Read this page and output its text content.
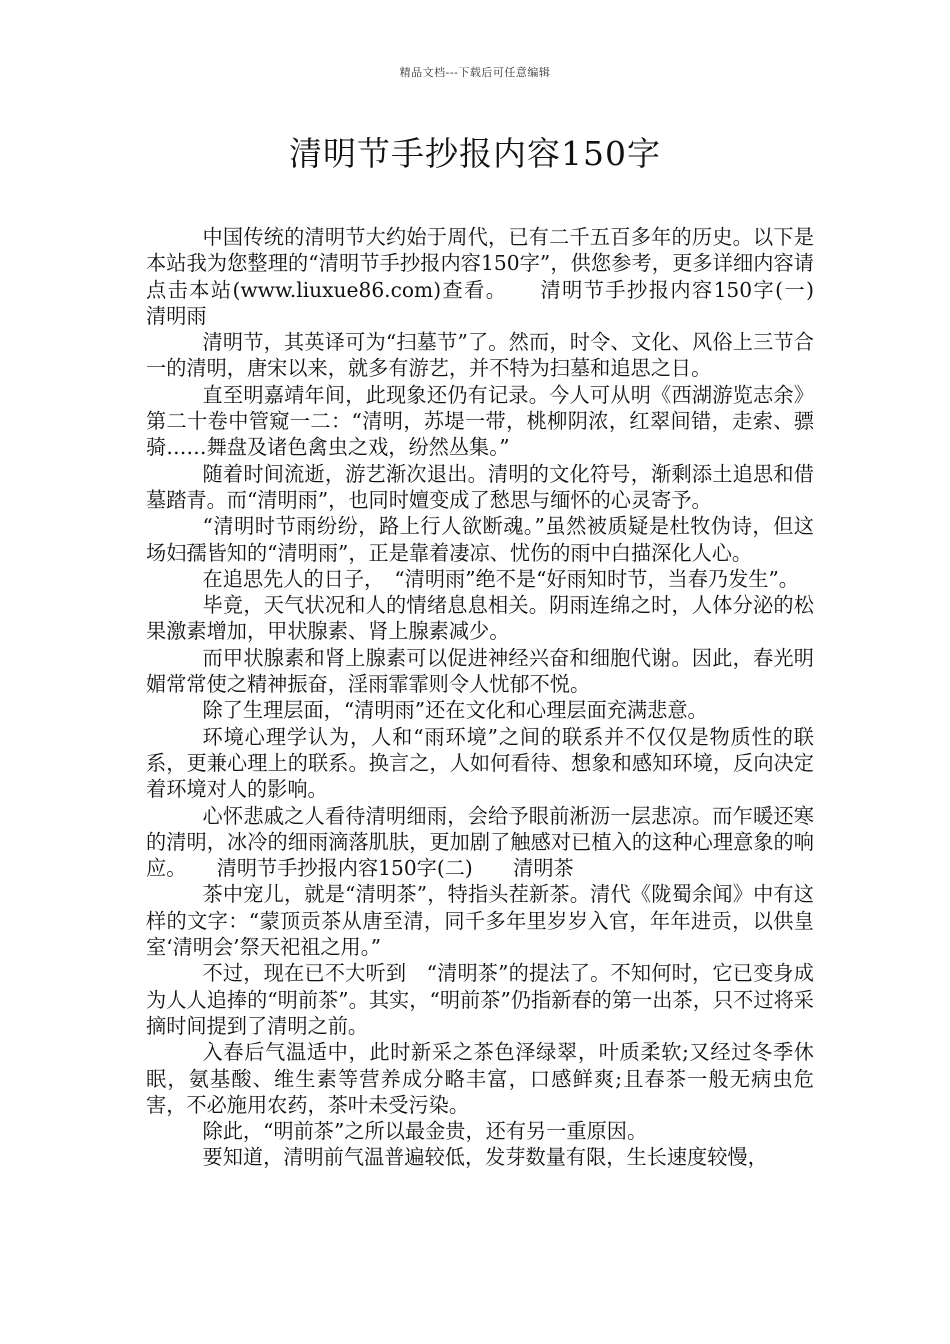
精品文档---下载后可任意编辑
清明节手抄报内容150字

中国传统的清明节大约始于周代，已有二千五百多年的历史。以下是本站我为您整理的“清明节手抄报内容150字”，供您参考，更多详细内容请点击本站(www.liuxue86.com)查看。　　清明节手抄报内容150字(一)　　清明雨

清明节，其英译可为“扫墓节”了。然而，时令、文化、风俗上三节合一的清明，唐宋以来，就多有游艺，并不特为扫墓和追思之日。

直至明嘉靖年间，此现象还仍有记录。今人可从明《西湖游览志余》第二十卷中管窥一二：“清明，苏堤一带，桃柳阴浓，红翠间错，走索、骠骑……舞盘及诸色禽虫之戏，纷然丛集。”

随着时间流逝，游艺渐次退出。清明的文化符号，渐剩添土追思和借墓踏青。而“清明雨”，也同时嬗变成了愁思与缅怀的心灵寄予。

“清明时节雨纷纷，路上行人欲断魂。”虽然被质疑是杜牧伪诗，但这场妇孺皆知的“清明雨”，正是靠着凄凉、忧伤的雨中白描深化人心。

在追思先人的日子，　“清明雨”绝不是“好雨知时节，当春乃发生”。

毕竟，天气状况和人的情绪息息相关。阴雨连绵之时，人体分泌的松果激素增加，甲状腺素、肾上腺素减少。

而甲状腺素和肾上腺素可以促进神经兴奋和细胞代谢。因此，春光明媚常常使之精神振奋，淫雨霏霏则令人忧郁不悦。

除了生理层面，“清明雨”还在文化和心理层面充满悲意。

环境心理学认为，人和“雨环境”之间的联系并不仅仅是物质性的联系，更兼心理上的联系。换言之，人如何看待、想象和感知环境，反向决定着环境对人的影响。

心怀悲戚之人看待清明细雨，会给予眼前淅沥一层悲凉。而乍暖还寒的清明，冰冷的细雨滴落肌肤，更加剧了触感对已植入的这种心理意象的响应。　　清明节手抄报内容150字(二)　　清明茶

茶中宠儿，就是“清明茶”，特指头茬新茶。清代《陇蜀余闻》中有这样的文字：“蒙顶贡茶从唐至清，同千多年里岁岁入官，年年进贡，以供皇室‘清明会’祭天祀祖之用。”

不过，现在已不大听到　“清明茶”的提法了。不知何时，它已变身成为人人追捧的“明前茶”。其实，“明前茶”仍指新春的第一出茶，只不过将采摘时间提到了清明之前。

入春后气温适中，此时新采之茶色泽绿翠，叶质柔软;又经过冬季休眠，氨基酸、维生素等营养成分略丰富，口感鲜爽;且春茶一般无病虫危害，不必施用农药，茶叶未受污染。

除此，“明前茶”之所以最金贵，还有另一重原因。

要知道，清明前气温普遍较低，发芽数量有限，生长速度较慢，
